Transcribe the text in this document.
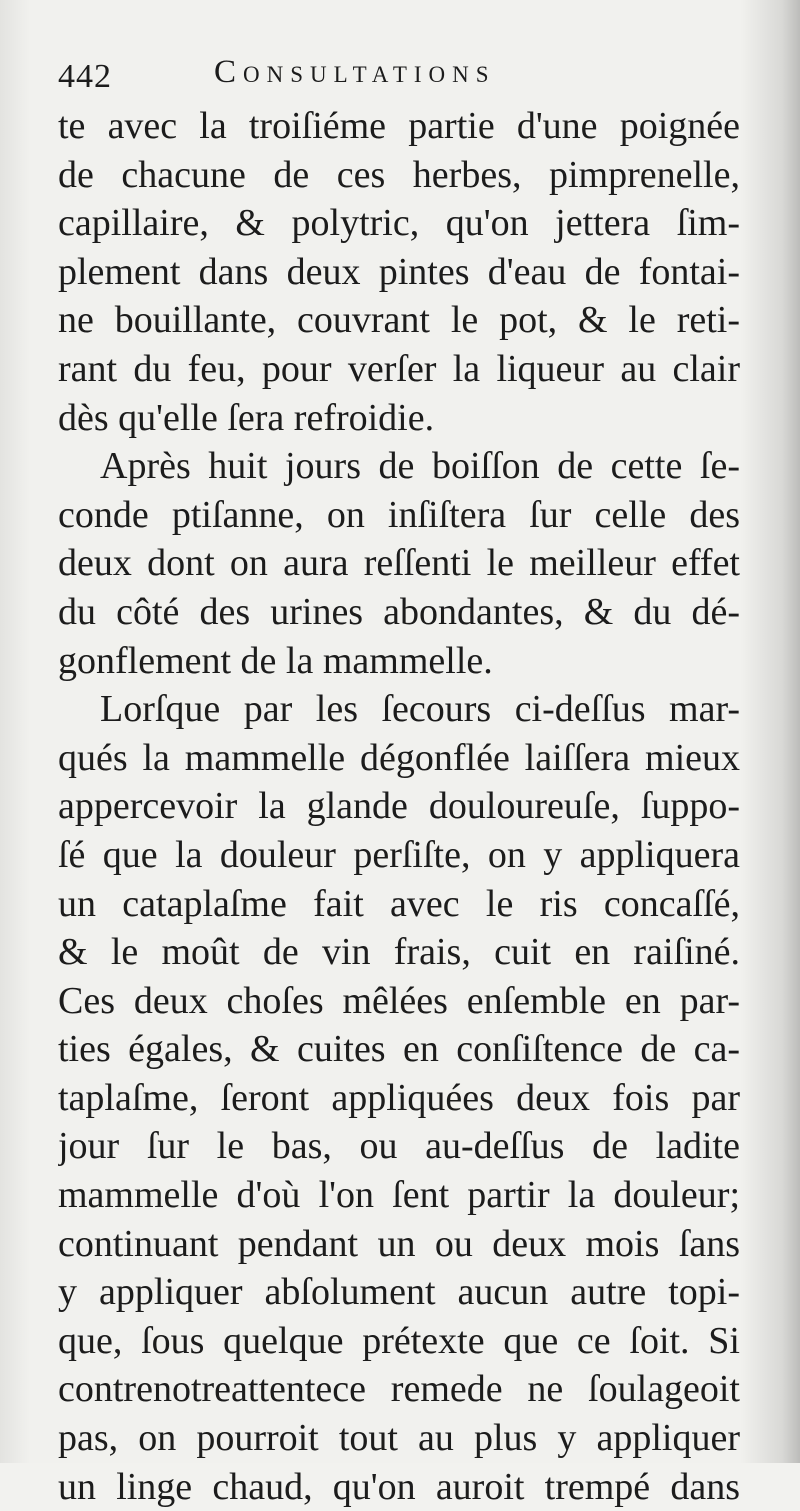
442	Consultations
te avec la troiſiéme partie d'une poignée
de chacune de ces herbes, pimprenelle,
capillaire, & polytric, qu'on jettera ſim-
plement dans deux pintes d'eau de fontai-
ne bouillante, couvrant le pot, & le reti-
rant du feu, pour verſer la liqueur au clair
dès qu'elle ſera refroidie.
Après huit jours de boiſſon de cette ſe-
conde ptiſanne, on inſiſtera ſur celle des
deux dont on aura reſſenti le meilleur effet
du côté des urines abondantes, & du dé-
gonflement de la mammelle.
Lorſque par les ſecours ci-deſſus mar-
qués la mammelle dégonflée laiſſera mieux
appercevoir la glande douloureuſe, ſuppo-
ſé que la douleur perſiſte, on y appliquera
un cataplaſme fait avec le ris concaſſé,
& le moût de vin frais, cuit en raiſiné.
Ces deux choſes mêlées enſemble en par-
ties égales, & cuites en conſiſtence de ca-
taplaſme, ſeront appliquées deux fois par
jour ſur le bas, ou au-deſſus de ladite
mammelle d'où l'on ſent partir la douleur;
continuant pendant un ou deux mois ſans
y appliquer abſolument aucun autre topi-
que, ſous quelque prétexte que ce ſoit. Si
contrenotreattentece remede ne ſoulageoit
pas, on pourroit tout au plus y appliquer
un linge chaud, qu'on auroit trempé dans
